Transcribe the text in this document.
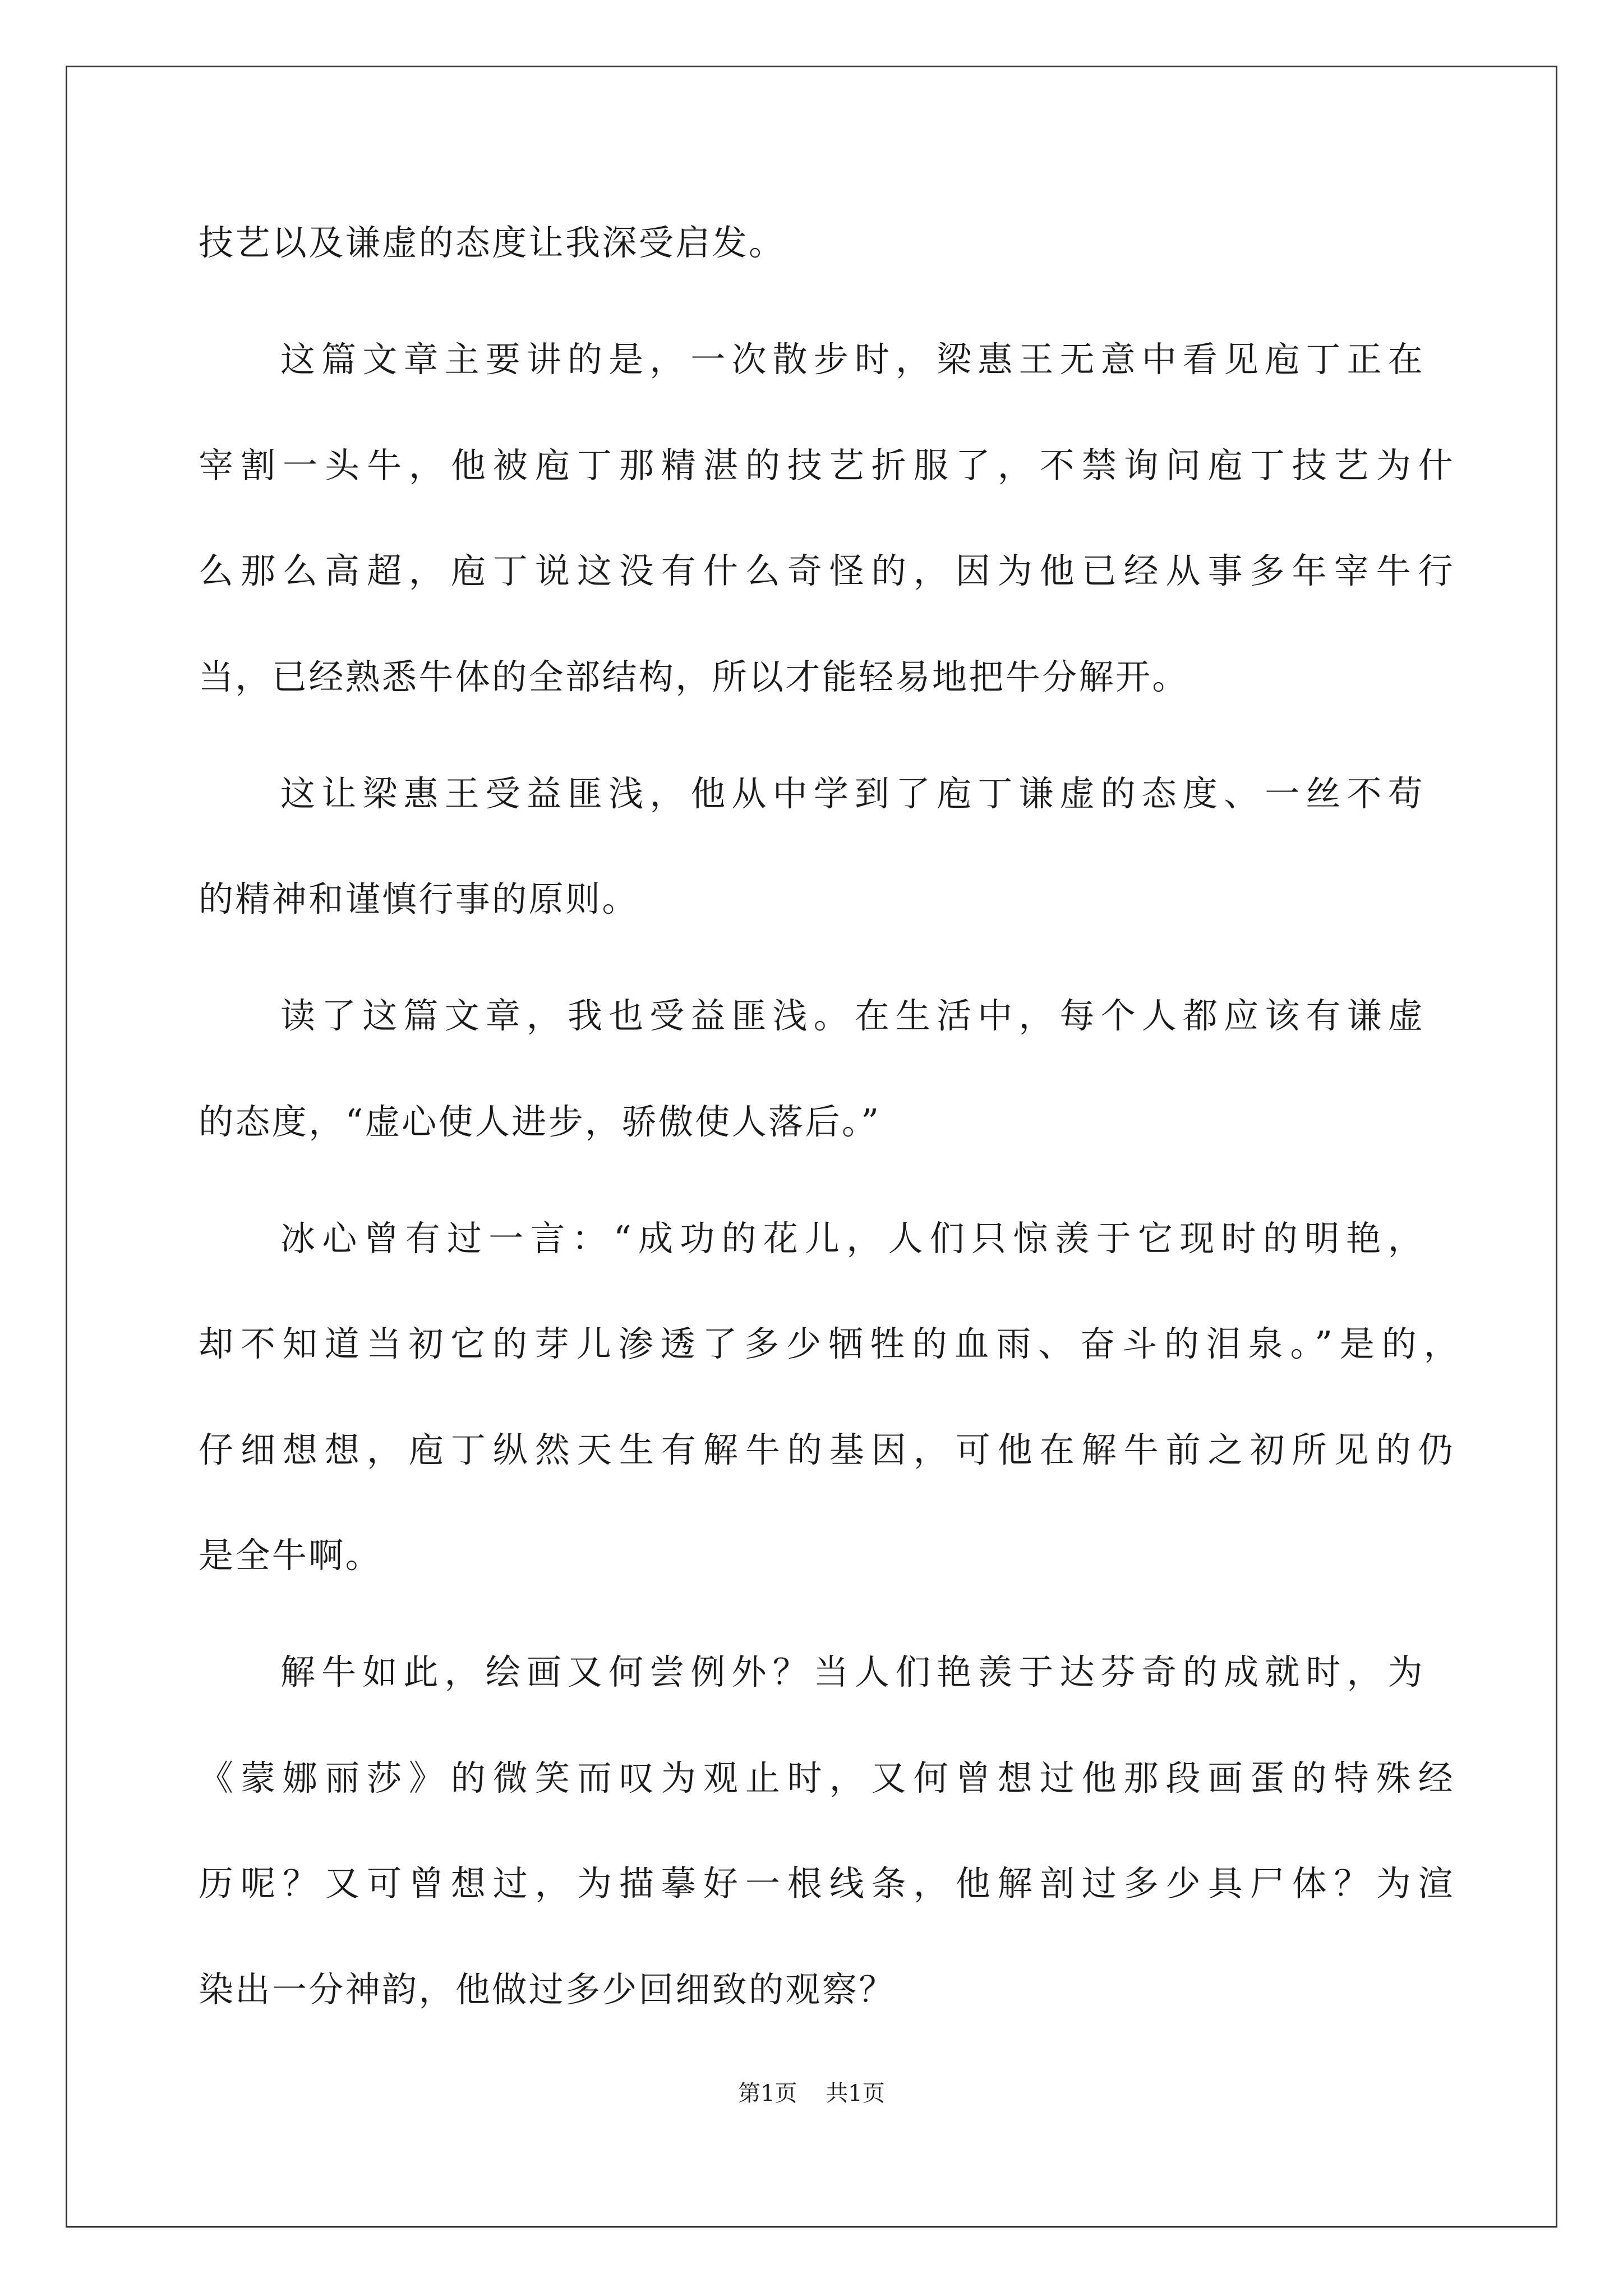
技艺以及谦虚的态度让我深受启发。
这篇文章主要讲的是，一次散步时，梁惠王无意中看见庖丁正在
宰割一头牛，他被庖丁那精湛的技艺折服了，不禁询问庖丁技艺为什
么那么高超，庖丁说这没有什么奇怪的，因为他已经从事多年宰牛行
当，已经熟悉牛体的全部结构，所以才能轻易地把牛分解开。
这让梁惠王受益匪浅，他从中学到了庖丁谦虚的态度、一丝不苟
的精神和谨慎行事的原则。
读了这篇文章，我也受益匪浅。在生活中，每个人都应该有谦虚
的态度，“虚心使人进步，骄傲使人落后。”
冰心曾有过一言：“成功的花儿，人们只惊羡于它现时的明艳，
却不知道当初它的芽儿渗透了多少牺牲的血雨、奋斗的泪泉。”是的，
仔细想想，庖丁纵然天生有解牛的基因，可他在解牛前之初所见的仍
是全牛啊。
解牛如此，绘画又何尝例外？当人们艳羡于达芬奇的成就时，为
《蒙娜丽莎》的微笑而叹为观止时，又何曾想过他那段画蛋的特殊经
历呢？又可曾想过，为描摹好一根线条，他解剖过多少具尸体？为渲
染出一分神韵，他做过多少回细致的观察？
第1页 共1页
